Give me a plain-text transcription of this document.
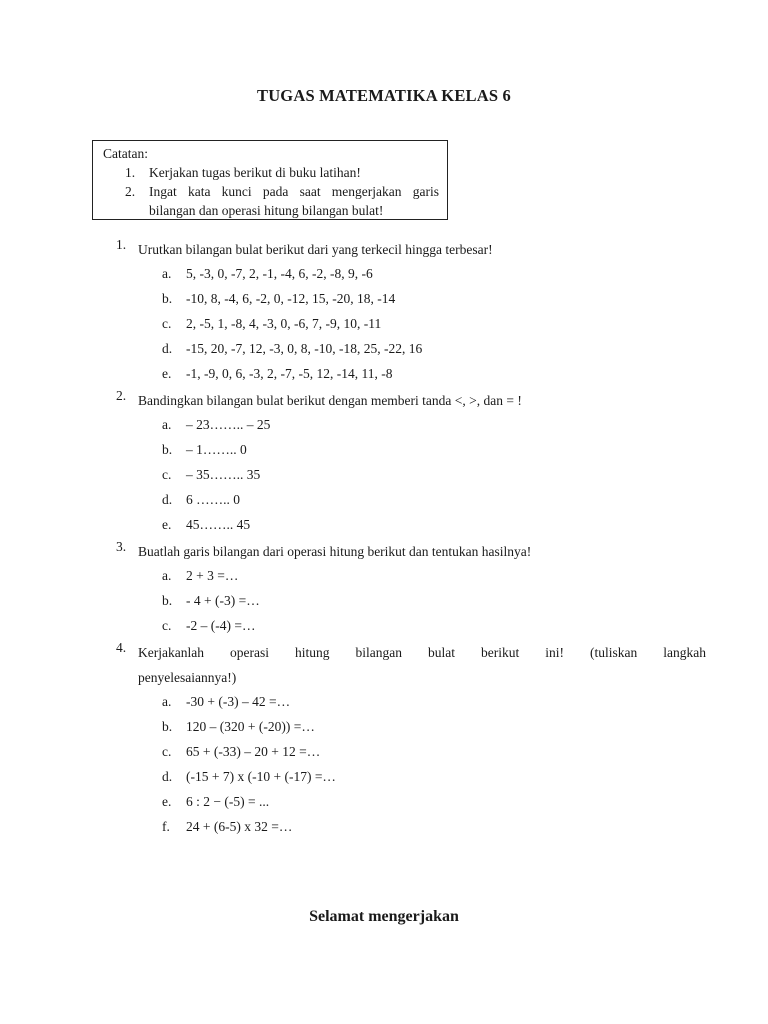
TUGAS MATEMATIKA KELAS 6
Catatan:
1. Kerjakan tugas berikut di buku latihan!
2. Ingat kata kunci pada saat mengerjakan garis bilangan dan operasi hitung bilangan bulat!
1. Urutkan bilangan bulat berikut dari yang terkecil hingga terbesar!
a. 5, -3, 0, -7, 2, -1, -4, 6, -2, -8, 9, -6
b. -10, 8, -4, 6, -2, 0, -12, 15, -20, 18, -14
c. 2, -5, 1, -8, 4, -3, 0, -6, 7, -9, 10, -11
d. -15, 20, -7, 12, -3, 0, 8, -10, -18, 25, -22, 16
e. -1, -9, 0, 6, -3, 2, -7, -5, 12, -14, 11, -8
2. Bandingkan bilangan bulat berikut dengan memberi tanda <, >, dan = !
a. – 23…….. – 25
b. – 1…….. 0
c. – 35…….. 35
d. 6 …….. 0
e. 45…….. 45
3. Buatlah garis bilangan dari operasi hitung berikut dan tentukan hasilnya!
a. 2 + 3 =…
b. - 4 + (-3) =…
c. -2 – (-4) =…
4. Kerjakanlah operasi hitung bilangan bulat berikut ini! (tuliskan langkah penyelesaiannya!)
a. -30 + (-3) – 42 =…
b. 120 – (320 + (-20)) =…
c. 65 + (-33) – 20 + 12 =…
d. (-15 + 7) x (-10 + (-17) =…
e. 6 : 2 − (-5) = ...
f. 24 + (6-5) x 32 =…
Selamat mengerjakan
